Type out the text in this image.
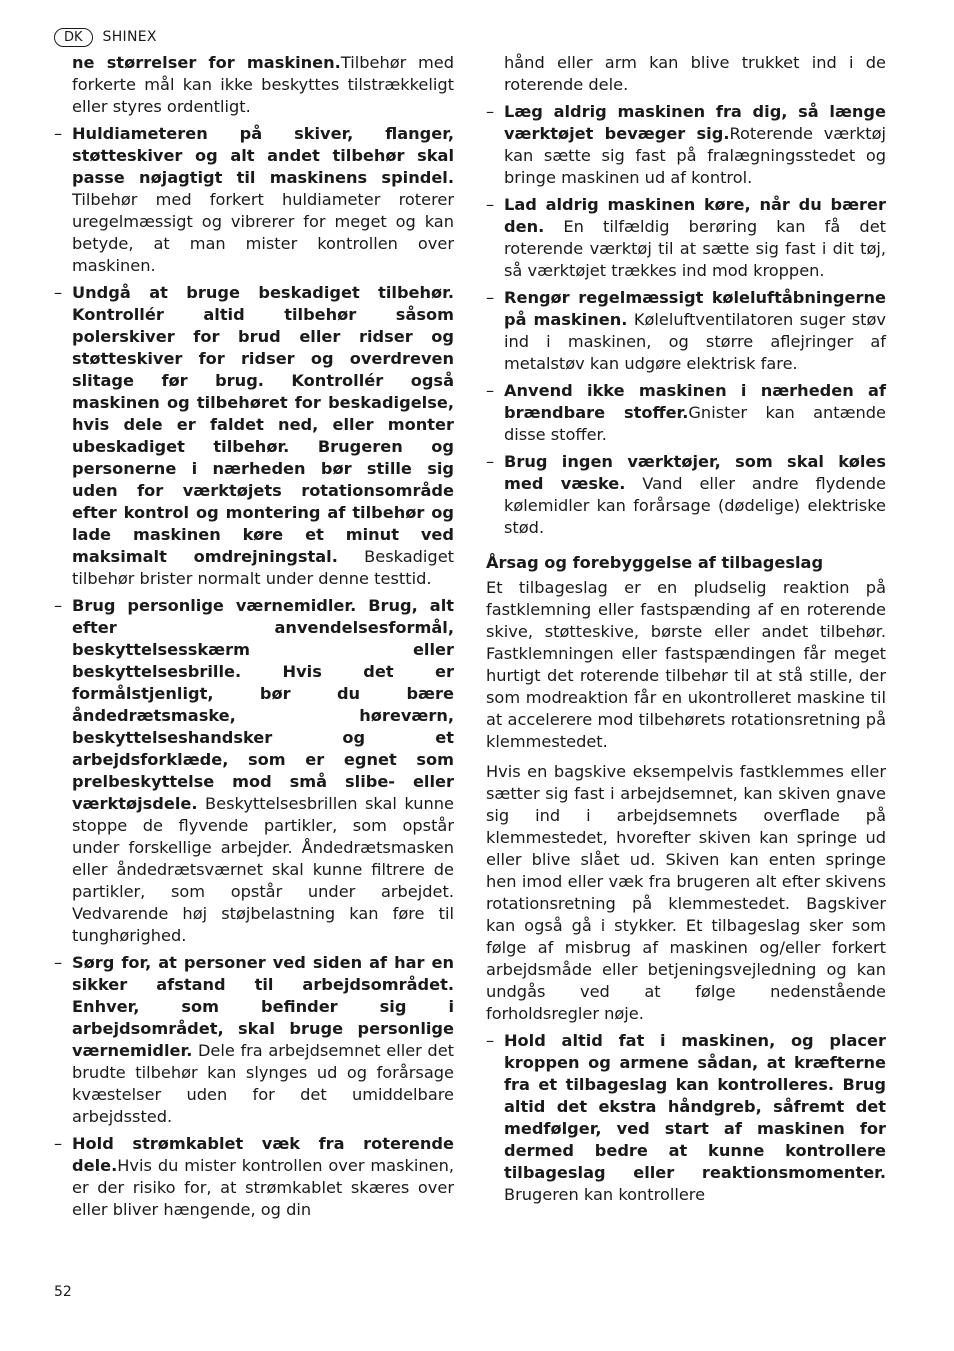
DK	SHINEX

ne størrelser for maskinen.Tilbehør med forkerte mål kan ikke beskyttes tilstrækkeligt eller styres ordentligt.

– Huldiameteren på skiver, flanger, støtteskiver og alt andet tilbehør skal passe nøjagtigt til maskinens spindel. Tilbehør med forkert huldiameter roterer uregelmæssigt og vibrerer for meget og kan betyde, at man mister kontrollen over maskinen.
– Undgå at bruge beskadiget tilbehør. Kontrollér altid tilbehør såsom polerskiver for brud eller ridser og støtteskiver for ridser og overdreven slitage før brug. Kontrollér også maskinen og tilbehøret for beskadigelse, hvis dele er faldet ned, eller monter ubeskadiget tilbehør. Brugeren og personerne i nærheden bør stille sig uden for værktøjets rotationsområde efter kontrol og montering af tilbehør og lade maskinen køre et minut ved maksimalt omdrejningstal. Beskadiget tilbehør brister normalt under denne testtid.
– Brug personlige værnemidler. Brug, alt efter anvendelsesformål, beskyttelsesskærm eller beskyttelsesbrille. Hvis det er formålstjenligt, bør du bære åndedrætsmaske, høreværn, beskyttelseshandsker og et arbejdsforklæde, som er egnet som prelbeskyttelse mod små slibe- eller værktøjsdele. Beskyttelsesbrillen skal kunne stoppe de flyvende partikler, som opstår under forskellige arbejder. Åndedrætsmasken eller åndedrætsværnet skal kunne filtrere de partikler, som opstår under arbejdet. Vedvarende høj støjbelastning kan føre til tunghørighed.
– Sørg for, at personer ved siden af har en sikker afstand til arbejdsområdet. Enhver, som befinder sig i arbejdsområdet, skal bruge personlige værnemidler. Dele fra arbejdsemnet eller det brudte tilbehør kan slynges ud og forårsage kvæstelser uden for det umiddelbare arbejdssted.
– Hold strømkablet væk fra roterende dele.Hvis du mister kontrollen over maskinen, er der risiko for, at strømkablet skæres over eller bliver hængende, og din

hånd eller arm kan blive trukket ind i de roterende dele.

– Læg aldrig maskinen fra dig, så længe værktøjet bevæger sig.Roterende værktøj kan sætte sig fast på fralægningsstedet og bringe maskinen ud af kontrol.
– Lad aldrig maskinen køre, når du bærer den. En tilfældig berøring kan få det roterende værktøj til at sætte sig fast i dit tøj, så værktøjet trækkes ind mod kroppen.
– Rengør regelmæssigt køleluftåbningerne på maskinen. Køleluftventilatoren suger støv ind i maskinen, og større aflejringer af metalstøv kan udgøre elektrisk fare.
– Anvend ikke maskinen i nærheden af brændbare stoffer.Gnister kan antænde disse stoffer.
– Brug ingen værktøjer, som skal køles med væske. Vand eller andre flydende kølemidler kan forårsage (dødelige) elektriske stød.
Årsag og forebyggelse af tilbageslag

Et tilbageslag er en pludselig reaktion på fastklemning eller fastspænding af en roterende skive, støtteskive, børste eller andet tilbehør. Fastklemningen eller fastspændingen får meget hurtigt det roterende tilbehør til at stå stille, der som modreaktion får en ukontrolleret maskine til at accelerere mod tilbehørets rotationsretning på klemmestedet.

Hvis en bagskive eksempelvis fastklemmes eller sætter sig fast i arbejdsemnet, kan skiven gnave sig ind i arbejdsemnets overflade på klemmestedet, hvorefter skiven kan springe ud eller blive slået ud. Skiven kan enten springe hen imod eller væk fra brugeren alt efter skivens rotationsretning på klemmestedet. Bagskiver kan også gå i stykker. Et tilbageslag sker som følge af misbrug af maskinen og/eller forkert arbejdsmåde eller betjeningsvejledning og kan undgås ved at følge nedenstående forholdsregler nøje.

– Hold altid fat i maskinen, og placer kroppen og armene sådan, at kræfterne fra et tilbageslag kan kontrolleres. Brug altid det ekstra håndgreb, såfremt det medfølger, ved start af maskinen for dermed bedre at kunne kontrollere tilbageslag eller reaktionsmomenter. Brugeren kan kontrollere
52
